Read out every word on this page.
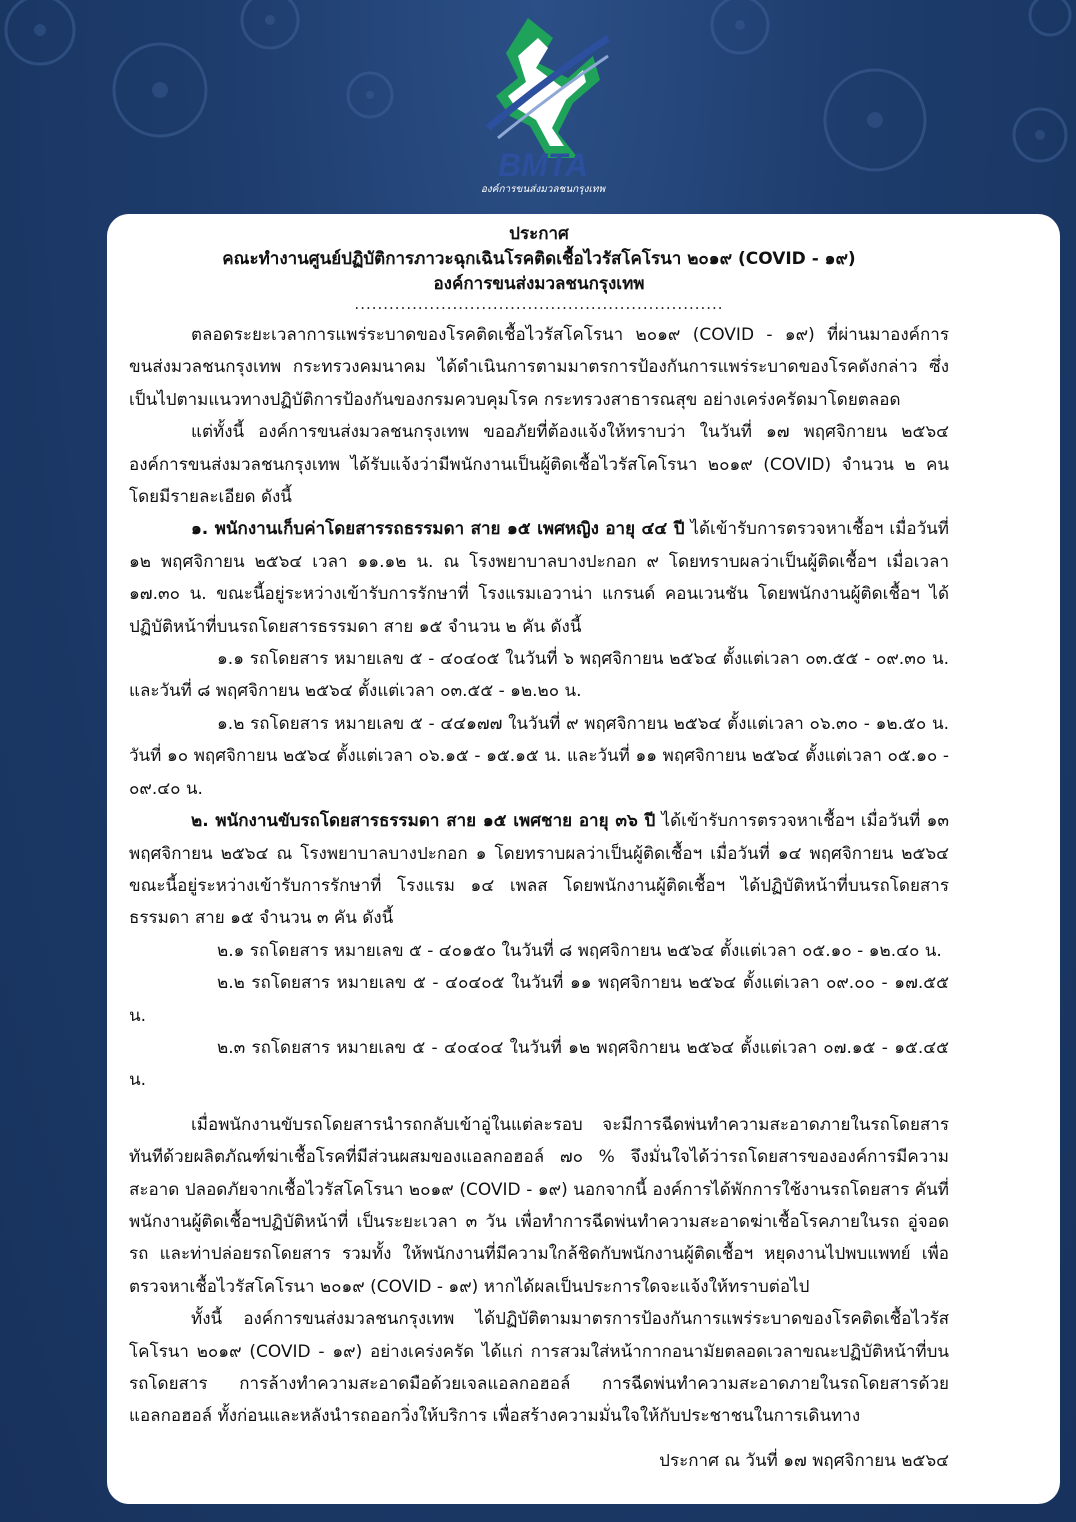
BMTA
องค์การขนส่งมวลชนกรุงเทพ
ประกาศ
คณะทำงานศูนย์ปฏิบัติการภาวะฉุกเฉินโรคติดเชื้อไวรัสโคโรนา ๒๐๑๙ (COVID - ๑๙)
องค์การขนส่งมวลชนกรุงเทพ
................................................................

ตลอดระยะเวลาการแพร่ระบาดของโรคติดเชื้อไวรัสโคโรนา ๒๐๑๙ (COVID - ๑๙) ที่ผ่านมาองค์การขนส่งมวลชนกรุงเทพ กระทรวงคมนาคม ได้ดำเนินการตามมาตรการป้องกันการแพร่ระบาดของโรคดังกล่าว ซึ่งเป็นไปตามแนวทางปฏิบัติการป้องกันของกรมควบคุมโรค กระทรวงสาธารณสุข อย่างเคร่งครัดมาโดยตลอด

แต่ทั้งนี้ องค์การขนส่งมวลชนกรุงเทพ ขออภัยที่ต้องแจ้งให้ทราบว่า ในวันที่ ๑๗ พฤศจิกายน ๒๕๖๔ องค์การขนส่งมวลชนกรุงเทพ ได้รับแจ้งว่ามีพนักงานเป็นผู้ติดเชื้อไวรัสโคโรนา ๒๐๑๙ (COVID) จำนวน ๒ คน โดยมีรายละเอียด ดังนี้

๑. พนักงานเก็บค่าโดยสารรถธรรมดา สาย ๑๕ เพศหญิง อายุ ๔๔ ปี ได้เข้ารับการตรวจหาเชื้อฯ เมื่อวันที่ ๑๒ พฤศจิกายน ๒๕๖๔ เวลา ๑๑.๑๒ น. ณ โรงพยาบาลบางปะกอก ๙ โดยทราบผลว่าเป็นผู้ติดเชื้อฯ เมื่อเวลา ๑๗.๓๐ น. ขณะนี้อยู่ระหว่างเข้ารับการรักษาที่ โรงแรมเอวาน่า แกรนด์ คอนเวนชัน โดยพนักงานผู้ติดเชื้อฯ ได้ปฏิบัติหน้าที่บนรถโดยสารธรรมดา สาย ๑๕ จำนวน ๒ คัน ดังนี้

๑.๑ รถโดยสาร หมายเลข ๕ - ๔๐๔๐๕ ในวันที่ ๖ พฤศจิกายน ๒๕๖๔ ตั้งแต่เวลา ๐๓.๕๕ - ๐๙.๓๐ น. และวันที่ ๘ พฤศจิกายน ๒๕๖๔ ตั้งแต่เวลา ๐๓.๕๕ - ๑๒.๒๐ น.

๑.๒ รถโดยสาร หมายเลข ๕ - ๔๔๑๗๗ ในวันที่ ๙ พฤศจิกายน ๒๕๖๔ ตั้งแต่เวลา ๐๖.๓๐ - ๑๒.๕๐ น. วันที่ ๑๐ พฤศจิกายน ๒๕๖๔ ตั้งแต่เวลา ๐๖.๑๕ - ๑๕.๑๕ น. และวันที่ ๑๑ พฤศจิกายน ๒๕๖๔ ตั้งแต่เวลา ๐๕.๑๐ - ๐๙.๔๐ น.

๒. พนักงานขับรถโดยสารธรรมดา สาย ๑๕ เพศชาย อายุ ๓๖ ปี ได้เข้ารับการตรวจหาเชื้อฯ เมื่อวันที่ ๑๓ พฤศจิกายน ๒๕๖๔ ณ โรงพยาบาลบางปะกอก ๑ โดยทราบผลว่าเป็นผู้ติดเชื้อฯ เมื่อวันที่ ๑๔ พฤศจิกายน ๒๕๖๔ ขณะนี้อยู่ระหว่างเข้ารับการรักษาที่ โรงแรม ๑๔ เพลส โดยพนักงานผู้ติดเชื้อฯ ได้ปฏิบัติหน้าที่บนรถโดยสารธรรมดา สาย ๑๕ จำนวน ๓ คัน ดังนี้

๒.๑ รถโดยสาร หมายเลข ๕ - ๔๐๑๕๐ ในวันที่ ๘ พฤศจิกายน ๒๕๖๔ ตั้งแต่เวลา ๐๕.๑๐ - ๑๒.๔๐ น.

๒.๒ รถโดยสาร หมายเลข ๕ - ๔๐๔๐๕ ในวันที่ ๑๑ พฤศจิกายน ๒๕๖๔ ตั้งแต่เวลา ๐๙.๐๐ - ๑๗.๕๕ น.

๒.๓ รถโดยสาร หมายเลข ๕ - ๔๐๔๐๔ ในวันที่ ๑๒ พฤศจิกายน ๒๕๖๔ ตั้งแต่เวลา ๐๗.๑๕ - ๑๕.๔๕ น.

เมื่อพนักงานขับรถโดยสารนำรถกลับเข้าอู่ในแต่ละรอบ จะมีการฉีดพ่นทำความสะอาดภายในรถโดยสารทันทีด้วยผลิตภัณฑ์ฆ่าเชื้อโรคที่มีส่วนผสมของแอลกอฮอล์ ๗๐ % จึงมั่นใจได้ว่ารถโดยสารขององค์การมีความสะอาด ปลอดภัยจากเชื้อไวรัสโคโรนา ๒๐๑๙ (COVID - ๑๙) นอกจากนี้ องค์การได้พักการใช้งานรถโดยสาร คันที่พนักงานผู้ติดเชื้อฯปฏิบัติหน้าที่ เป็นระยะเวลา ๓ วัน เพื่อทำการฉีดพ่นทำความสะอาดฆ่าเชื้อโรคภายในรถ อู่จอดรถ และท่าปล่อยรถโดยสาร รวมทั้ง ให้พนักงานที่มีความใกล้ชิดกับพนักงานผู้ติดเชื้อฯ หยุดงานไปพบแพทย์ เพื่อตรวจหาเชื้อไวรัสโคโรนา ๒๐๑๙ (COVID - ๑๙) หากได้ผลเป็นประการใดจะแจ้งให้ทราบต่อไป

ทั้งนี้ องค์การขนส่งมวลชนกรุงเทพ ได้ปฏิบัติตามมาตรการป้องกันการแพร่ระบาดของโรคติดเชื้อไวรัสโคโรนา ๒๐๑๙ (COVID - ๑๙) อย่างเคร่งครัด ได้แก่ การสวมใส่หน้ากากอนามัยตลอดเวลาขณะปฏิบัติหน้าที่บนรถโดยสาร การล้างทำความสะอาดมือด้วยเจลแอลกอฮอล์ การฉีดพ่นทำความสะอาดภายในรถโดยสารด้วยแอลกอฮอล์ ทั้งก่อนและหลังนำรถออกวิ่งให้บริการ เพื่อสร้างความมั่นใจให้กับประชาชนในการเดินทาง

ประกาศ ณ วันที่ ๑๗ พฤศจิกายน ๒๕๖๔
